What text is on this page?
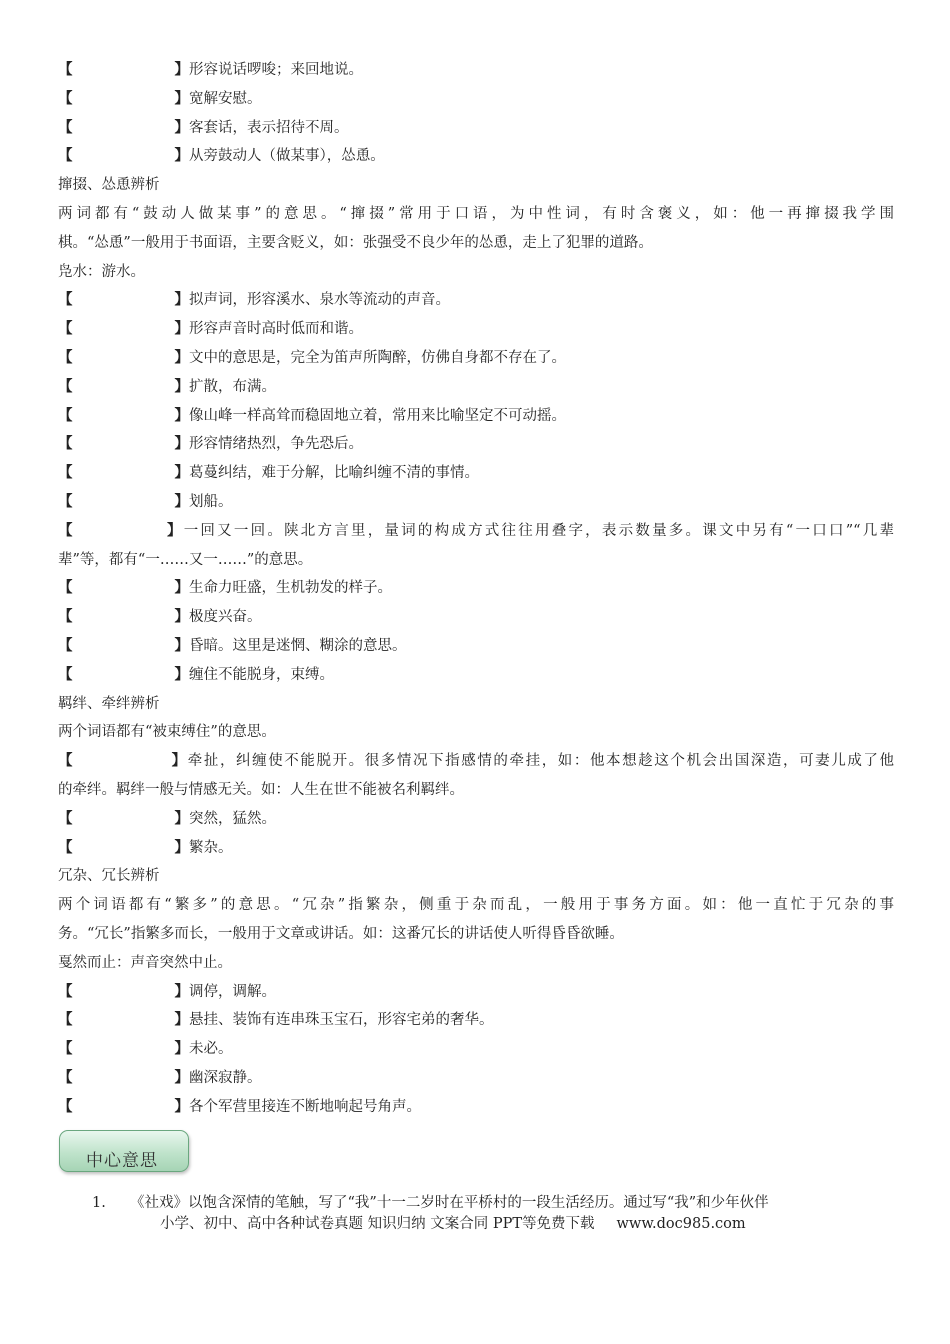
【	】形容说话啰唆；来回地说。
【	】宽解安慰。
【	】客套话，表示招待不周。
【	】从旁鼓动人（做某事），怂恿。
撺掇、怂恿辨析
两词都有“鼓动人做某事”的意思。“撺掇”常用于口语，为中性词，有时含褒义，如：他一再撺掇我学围
棋。“怂恿”一般用于书面语，主要含贬义，如：张强受不良少年的怂恿，走上了犯罪的道路。
凫水：游水。
【	】拟声词，形容溪水、泉水等流动的声音。
【	】形容声音时高时低而和谐。
【	】文中的意思是，完全为笛声所陶醉，仿佛自身都不存在了。
【	】扩散，布满。
【	】像山峰一样高耸而稳固地立着，常用来比喻坚定不可动摇。
【	】形容情绪热烈，争先恐后。
【	】葛蔓纠结，难于分解，比喻纠缠不清的事情。
【	】划船。
【	】一回又一回。陕北方言里，量词的构成方式往往用叠字，表示数量多。课文中另有“一口口”“几辈
辈”等，都有“一……又一……”的意思。
【	】生命力旺盛，生机勃发的样子。
【	】极度兴奋。
【	】昏暗。这里是迷惘、糊涂的意思。
【	】缠住不能脱身，束缚。
羁绊、牵绊辨析
两个词语都有“被束缚住”的意思。
【	】牵扯，纠缠使不能脱开。很多情况下指感情的牵挂，如：他本想趁这个机会出国深造，可妻儿成了他
的牵绊。羁绊一般与情感无关。如：人生在世不能被名利羁绊。
【	】突然，猛然。
【	】繁杂。
冗杂、冗长辨析
两个词语都有“繁多”的意思。“冗杂”指繁杂，侧重于杂而乱，一般用于事务方面。如：他一直忙于冗杂的事
务。“冗长”指繁多而长，一般用于文章或讲话。如：这番冗长的讲话使人听得昏昏欲睡。
戛然而止：声音突然中止。
【	】调停，调解。
【	】悬挂、装饰有连串珠玉宝石，形容宅弟的奢华。
【	】未必。
【	】幽深寂静。
【	】各个军营里接连不断地响起号角声。
中心意思
1. 《社戏》以饱含深情的笔触，写了“我”十一二岁时在平桥村的一段生活经历。通过写“我”和少年伙伴
小学、初中、高中各种试卷真题 知识归纳 文案合同 PPT等免费下载 www.doc985.com
